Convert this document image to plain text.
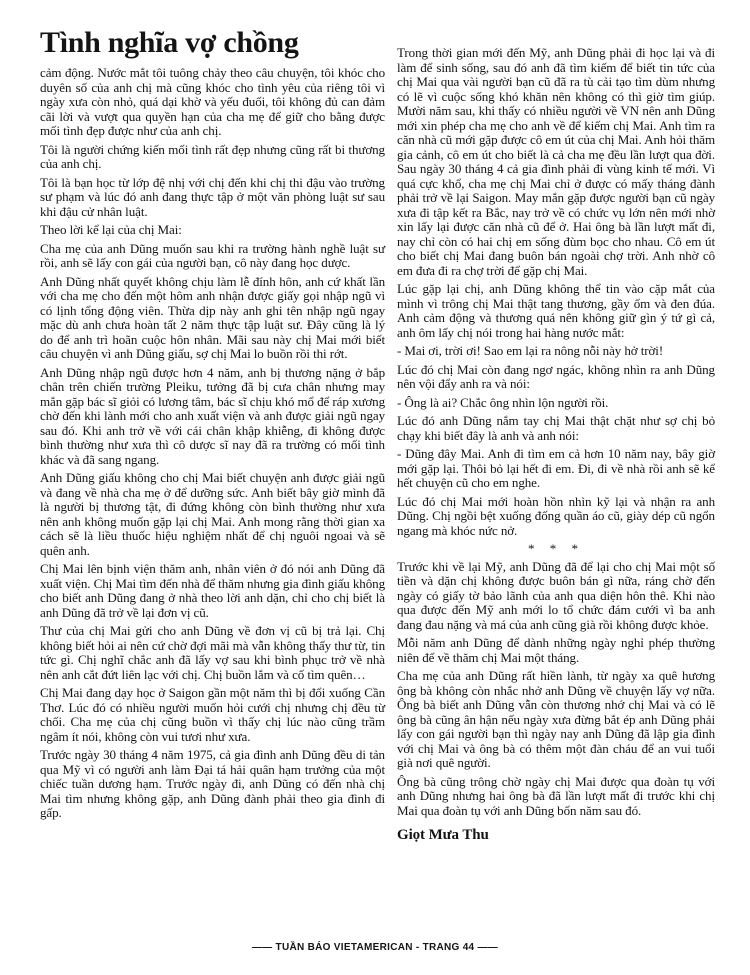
Tình nghĩa vợ chồng

cảm động. Nước mắt tôi tuông chảy theo câu chuyện, tôi khóc cho duyên số của anh chị mà cũng khóc cho tình yêu của riêng tôi vì ngày xưa còn nhỏ, quá dại khờ và yếu đuối, tôi không đủ can đảm cãi lời và vượt qua quyền hạn của cha mẹ để giữ cho bằng được mối tình đẹp được như của anh chị.

Tôi là người chứng kiến mối tình rất đẹp nhưng cũng rất bi thương của anh chị.

Tôi là bạn học từ lớp đệ nhị với chị đến khi chị thi đậu vào trường sư phạm và lúc đó anh đang thực tập ở một văn phòng luật sư sau khi đậu cử nhân luật.

Theo lời kể lại của chị Mai:

Cha mẹ của anh Dũng muốn sau khi ra trường hành nghề luật sư rồi, anh sẽ lấy con gái của người bạn, cô này đang học dược.

Anh Dũng nhất quyết không chịu làm lễ đính hôn, anh cứ khất lần với cha mẹ cho đến một hôm anh nhận được giấy gọi nhập ngũ vì có lịnh tổng động viên. Thừa dịp này anh ghi tên nhập ngũ ngay mặc dù anh chưa hoàn tất 2 năm thực tập luật sư. Đây cũng là lý do để anh trì hoãn cuộc hôn nhân. Mãi sau này chị Mai mới biết câu chuyện vì anh Dũng giấu, sợ chị Mai lo buồn rồi thi rớt.

Anh Dũng nhập ngũ được hơn 4 năm, anh bị thương nặng ở bắp chân trên chiến trường Pleiku, tưởng đã bị cưa chân nhưng may mắn gặp bác sĩ giỏi có lương tâm, bác sĩ chịu khó mổ để ráp xương chờ đến khi lành mới cho anh xuất viện và anh được giải ngũ ngay sau đó. Khi anh trở về với cái chân khập khiễng, đi không được bình thường như xưa thì cô dược sĩ nay đã ra trường có mối tình khác và đã sang ngang.

Anh Dũng giấu không cho chị Mai biết chuyện anh được giải ngũ và đang về nhà cha mẹ ở để dưỡng sức. Anh biết bây giờ mình đã là người bị thương tật, đi đứng không còn bình thường như xưa nên anh không muốn gặp lại chị Mai. Anh mong rằng thời gian xa cách sẽ là liều thuốc hiệu nghiệm nhất để chị nguôi ngoai và sẽ quên anh.

Chị Mai lên bịnh viện thăm anh, nhân viên ở đó nói anh Dũng đã xuất viện. Chị Mai tìm đến nhà để thăm nhưng gia đình giấu không cho biết anh Dũng đang ở nhà theo lời anh dặn, chỉ cho chị biết là anh Dũng đã trở về lại đơn vị cũ.

Thư của chị Mai gửi cho anh Dũng về đơn vị cũ bị trả lại. Chị không biết hỏi ai nên cứ chờ đợi mãi mà vẫn không thấy thư từ, tin tức gì. Chị nghĩ chắc anh đã lấy vợ sau khi bình phục trở về nhà nên anh cắt đứt liên lạc với chị. Chị buồn lắm và cố tìm quên…

Chị Mai đang dạy học ở Saigon gần một năm thì bị đổi xuống Cần Thơ. Lúc đó có nhiều người muốn hỏi cưới chị nhưng chị đều từ chối. Cha mẹ của chị cũng buồn vì thấy chị lúc nào cũng trầm ngâm ít nói, không còn vui tươi như xưa.

Trước ngày 30 tháng 4 năm 1975, cả gia đình anh Dũng đều di tản qua Mỹ vì có người anh làm Đại tá hải quân hạm trưởng của một chiếc tuần dương hạm. Trước ngày đi, anh Dũng có đến nhà chị Mai tìm nhưng không gặp, anh Dũng đành phải theo gia đình đi gấp.

Trong thời gian mới đến Mỹ, anh Dũng phải đi học lại và đi làm để sinh sống, sau đó anh đã tìm kiếm để biết tin tức của chị Mai qua vài người bạn cũ đã ra tù cải tạo tìm dùm nhưng có lẽ vì cuộc sống khó khăn nên không có thì giờ tìm giúp. Mười năm sau, khi thấy có nhiều người về VN nên anh Dũng mới xin phép cha mẹ cho anh về để kiếm chị Mai. Anh tìm ra căn nhà cũ mới gặp được cô em út của chị Mai. Anh hỏi thăm gia cảnh, cô em út cho biết là cả cha mẹ đều lần lượt qua đời. Sau ngày 30 tháng 4 cả gia đình phải đi vùng kinh tế mới. Vì quá cực khổ, cha mẹ chị Mai chỉ ở được có mấy tháng đành phải trở về lại Saigon. May mắn gặp được người bạn cũ ngày xưa đi tập kết ra Bắc, nay trở về có chức vụ lớn nên mới nhờ xin lấy lại được căn nhà cũ để ở. Hai ông bà lần lượt mất đi, nay chỉ còn có hai chị em sống đùm bọc cho nhau. Cô em út cho biết chị Mai đang buôn bán ngoài chợ trời. Anh nhờ cô em đưa đi ra chợ trời để gặp chị Mai.

Lúc gặp lại chị, anh Dũng không thể tin vào cặp mắt của mình vì trông chị Mai thật tang thương, gầy ốm và đen đúa. Anh cảm động và thương quá nên không giữ gìn ý tứ gì cả, anh ôm lấy chị nói trong hai hàng nước mắt:

- Mai ơi, trời ơi! Sao em lại ra nông nỗi này hở trời!

Lúc đó chị Mai còn đang ngơ ngác, không nhìn ra anh Dũng nên vội đẩy anh ra và nói:

- Ông là ai? Chắc ông nhìn lộn người rồi.

Lúc đó anh Dũng nắm tay chị Mai thật chặt như sợ chị bỏ chạy khi biết đây là anh và anh nói:

- Dũng đây Mai. Anh đi tìm em cả hơn 10 năm nay, bây giờ mới gặp lại. Thôi bỏ lại hết đi em. Đi, đi về nhà rồi anh sẽ kể hết chuyện cũ cho em nghe.

Lúc đó chị Mai mới hoàn hồn nhìn kỹ lại và nhận ra anh Dũng. Chị ngồi bệt xuống đống quần áo cũ, giày dép cũ ngổn ngang mà khóc nức nở.

* * *

Trước khi về lại Mỹ, anh Dũng đã để lại cho chị Mai một số tiền và dặn chị không được buôn bán gì nữa, ráng chờ đến ngày có giấy tờ bảo lãnh của anh qua diện hôn thê. Khi nào qua được đến Mỹ anh mới lo tổ chức đám cưới vì ba anh đang đau nặng và má của anh cũng già rồi không được khỏe.

Mỗi năm anh Dũng để dành những ngày nghỉ phép thường niên để về thăm chị Mai một tháng.

Cha mẹ của anh Dũng rất hiền lành, từ ngày xa quê hương ông bà không còn nhắc nhở anh Dũng về chuyện lấy vợ nữa. Ông bà biết anh Dũng vẫn còn thương nhớ chị Mai và có lẽ ông bà cũng ân hận nếu ngày xưa đừng bắt ép anh Dũng phải lấy con gái người bạn thì ngày nay anh Dũng đã lập gia đình với chị Mai và ông bà có thêm một đàn cháu để an vui tuổi già nơi quê người.

Ông bà cũng trông chờ ngày chị Mai được qua đoàn tụ với anh Dũng nhưng hai ông bà đã lần lượt mất đi trước khi chị Mai qua đoàn tụ với anh Dũng bốn năm sau đó.

Giọt Mưa Thu

—— TUẦN BÁO VIETAMERICAN - TRANG 44 ——
